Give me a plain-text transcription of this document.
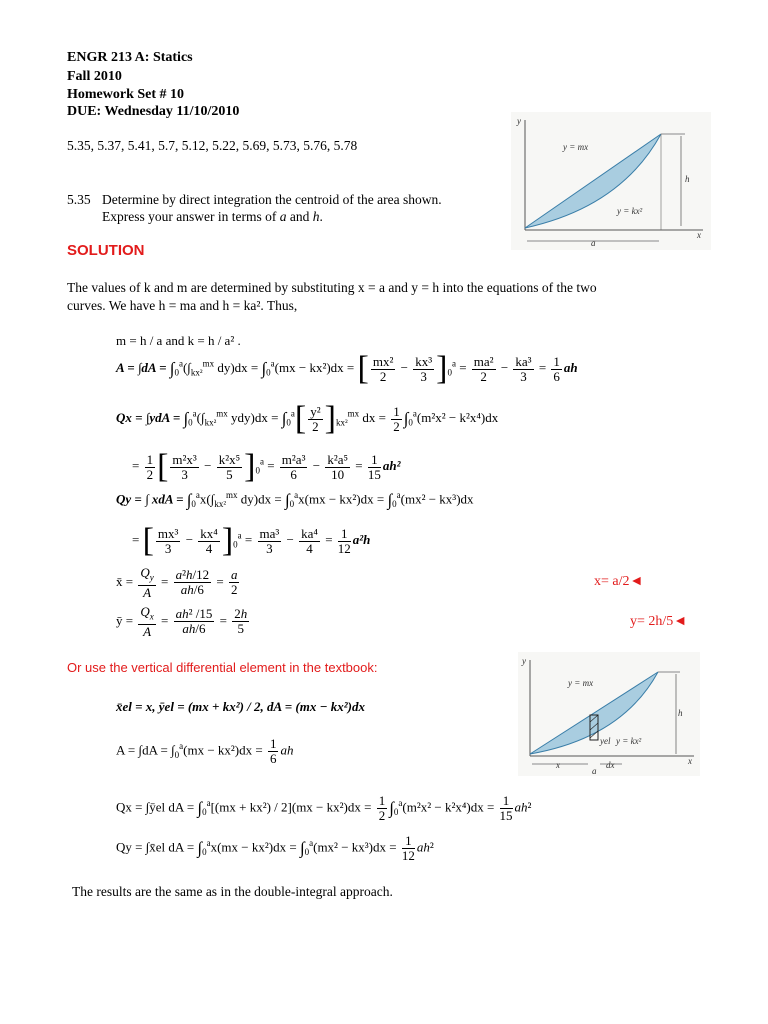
ENGR 213 A: Statics
Fall 2010
Homework Set # 10
DUE: Wednesday 11/10/2010
5.35, 5.37, 5.41, 5.7, 5.12, 5.22, 5.69, 5.73, 5.76, 5.78
5.35 Determine by direct integration the centroid of the area shown.
Express your answer in terms of a and h.
y
x
y = mx
y = kx²
h
a
SOLUTION
The values of k and m are determined by substituting x = a and y = h into the equations of the two
curves. We have h = ma and h = ka². Thus,
m = h / a and k = h / a² .
$A = \int dA = \int_0^a(\int_{kx^2}^{mx}$ $dy)dx = \int_0^a(mx - kx^2)dx$ = [ $\frac{\text{mx²}}{2} - \frac{\text{kx³}}{3} ]_0^a = \frac{\text{ma²}}{2} - \frac{\text{ka³}}{3} = \frac{1}{6}$ ah
$Qx = \int ydA = \int_0^a(\int_{kx^2}^{mx}$ $ydy)dx = \int_0^a[ \frac{\text{y²}}{2} ]_{kx^2}^{mx}$ dx = $\frac{1}{2} \int_0^a(m^2x^2 - k^2x^4)dx$
= $\frac{1}{2}$ [ $\frac{\text{m²x³}}{3} - \frac{\text{k²x⁵}}{5} ]_0^a = \frac{\text{m²a³}}{6} - \frac{\text{k²a⁵}}{10} = \frac{1}{15} ah^2$
Qy = ∫ xdA = $\int_0^ax(\int_{kx^2}^{mx}$ $dy)dx = \int_0^ax(mx - kx^2)dx = \int_0^a(mx^2 - kx^3)dx$
= [ $\frac{\text{mx³}}{3} - \frac{\text{kx⁴}}{4} ]_0^a = \frac{\text{ma³}}{3} - \frac{\text{ka⁴}}{4} = \frac{1}{12} a^2h$
x̄ = $\frac{Q_y}{A} = \frac{\text{a²h/12}}{ah/6} = \frac{a}{2}$	x= a/2◄
ȳ = $\frac{Q_x}{A} = \frac{\text{ah² /15}}{ah/6} = \frac{2h}{5}$	y= 2h/5◄
Or use the vertical differential element in the textbook:
x̄el = x, ȳel = (mx + kx²) / 2, dA = (mx − kx²)dx
$A = \int dA = \int_0^a(mx - kx^2)dx = \frac{1}{6}$ ah
y
x
y = mx
y = kx²
h
a
x	dx
yel
Qx = ∫ȳel dA = $\int_0^a[(mx + kx^2) / 2](mx - kx^2)dx = \frac{1}{2} \int_0^a(m^2x^2 - k^2x^4)dx = \frac{1}{15} ah^2$
Qy = ∫x̄el dA = $\int_0^ax(mx - kx^2)dx = \int_0^a(mx^2 - kx^3)dx = \frac{1}{12} ah^2$
The results are the same as in the double-integral approach.
